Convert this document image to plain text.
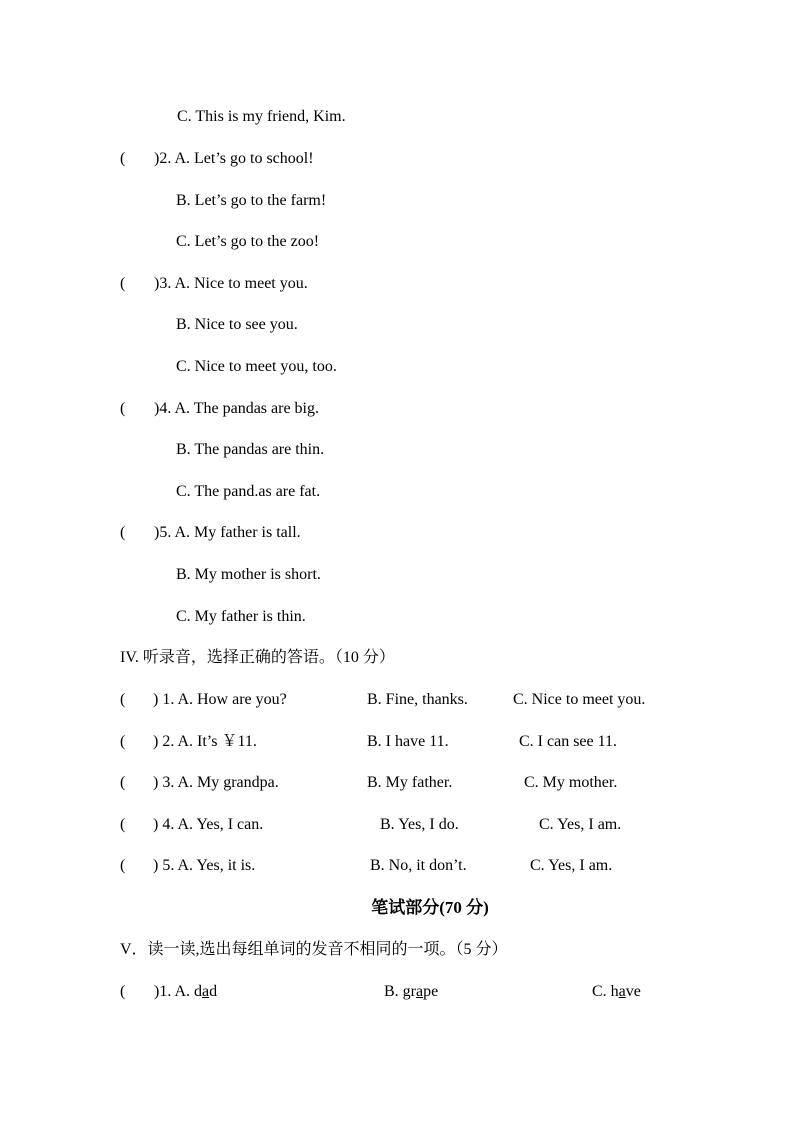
C. This is my friend, Kim.
( )2. A. Let’s go to school!
B. Let’s go to the farm!
C. Let’s go to the zoo!
( )3. A. Nice to meet you.
B. Nice to see you.
C. Nice to meet you, too.
( )4. A. The pandas are big.
B. The pandas are thin.
C. The pand.as are fat.
( )5. A. My father is tall.
B. My mother is short.
C. My father is thin.
IV. 听录音，选择正确的答语。（10 分）
( ) 1. A. How are you?	B. Fine, thanks.	C. Nice to meet you.
( ) 2. A. It’s ￥11.	B. I have 11.	C. I can see 11.
( ) 3. A. My grandpa.	B. My father.	C. My mother.
( ) 4. A. Yes, I can.	B. Yes, I do.	C. Yes, I am.
( ) 5. A. Yes, it is.	B. No, it don’t.	C. Yes, I am.
笔试部分(70 分)
V．读一读,选出每组单词的发音不相同的一项。（5 分）
( )1. A. dad	B. grape	C. have
